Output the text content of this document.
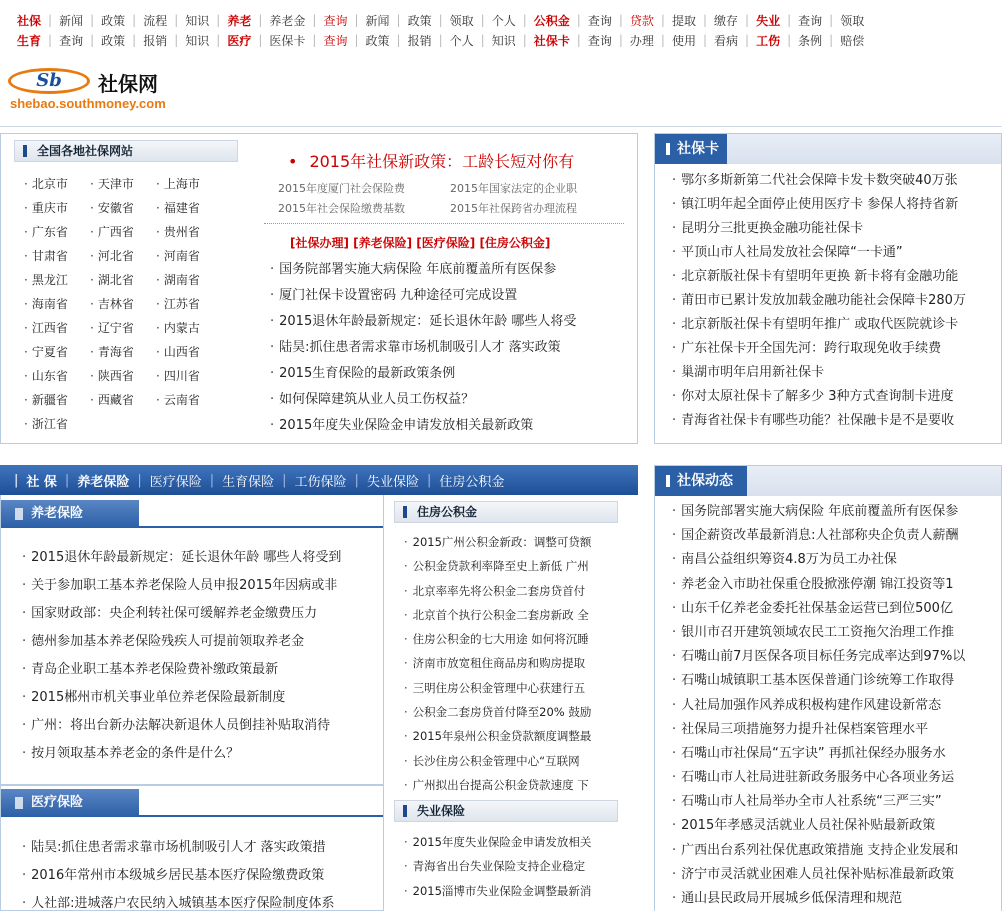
社保 | 新闻 | 政策 | 流程 | 知识 | 养老 | 养老金 | 查询 | 新闻 | 政策 | 领取 | 个人 | 公积金 | 查询 | 贷款 | 提取 | 缴存 | 失业 | 查询 | 领取
生育 | 查询 | 政策 | 报销 | 知识 | 医疗 | 医保卡 | 查询 | 政策 | 报销 | 个人 | 知识 | 社保卡 | 查询 | 办理 | 使用 | 看病 | 工伤 | 条例 | 赔偿
Sb	社保网
shebao.southmoney.com
全国各地社保网站
· 北京市	· 天津市	· 上海市
· 重庆市	· 安徽省	· 福建省
· 广东省	· 广西省	· 贵州省
· 甘肃省	· 河北省	· 河南省
· 黑龙江	· 湖北省	· 湖南省
· 海南省	· 吉林省	· 江苏省
· 江西省	· 辽宁省	· 内蒙古
· 宁夏省	· 青海省	· 山西省
· 山东省	· 陕西省	· 四川省
· 新疆省	· 西藏省	· 云南省
· 浙江省
• 2015年社保新政策：工龄长短对你有
2015年度厦门社会保险费	2015年国家法定的企业职
2015年社会保险缴费基数	2015年社保跨省办理流程
[社保办理] [养老保险] [医疗保险] [住房公积金]
· 国务院部署实施大病保险 年底前覆盖所有医保参
· 厦门社保卡设置密码 九种途径可完成设置
· 2015退休年龄最新规定：延长退休年龄 哪些人将受
· 陆昊:抓住患者需求靠市场机制吸引人才 落实政策
· 2015生育保险的最新政策条例
· 如何保障建筑从业人员工伤权益？
· 2015年度失业保险金申请发放相关最新政策
社保卡
· 鄂尔多斯新第二代社会保障卡发卡数突破40万张
· 镇江明年起全面停止使用医疗卡 参保人将持省新
· 昆明分三批更换金融功能社保卡
· 平顶山市人社局发放社会保障“一卡通”
· 北京新版社保卡有望明年更换 新卡将有金融功能
· 莆田市已累计发放加载金融功能社会保障卡280万
· 北京新版社保卡有望明年推广 或取代医院就诊卡
· 广东社保卡开全国先河：跨行取现免收手续费
· 巢湖市明年启用新社保卡
· 你对太原社保卡了解多少 3种方式查询制卡进度
· 青海省社保卡有哪些功能？社保融卡是不是要收
| 社 保 | 养老保险 | 医疗保险 | 生育保险 | 工伤保险 | 失业保险 | 住房公积金
养老保险
· 2015退休年龄最新规定：延长退休年龄 哪些人将受到
· 关于参加职工基本养老保险人员申报2015年因病或非
· 国家财政部：央企利转社保可缓解养老金缴费压力
· 德州参加基本养老保险残疾人可提前领取养老金
· 青岛企业职工基本养老保险费补缴政策最新
· 2015郴州市机关事业单位养老保险最新制度
· 广州：将出台新办法解决新退休人员倒挂补贴取消待
· 按月领取基本养老金的条件是什么？
医疗保险
· 陆昊:抓住患者需求靠市场机制吸引人才 落实政策措
· 2016年常州市本级城乡居民基本医疗保险缴费政策
· 人社部:进城落户农民纳入城镇基本医疗保险制度体系
住房公积金
· 2015广州公积金新政：调整可贷额
· 公积金贷款利率降至史上新低 广州
· 北京率率先将公积金二套房贷首付
· 北京首个执行公积金二套房新政 全
· 住房公积金的七大用途 如何将沉睡
· 济南市放宽租住商品房和购房提取
· 三明住房公积金管理中心获建行五
· 公积金二套房贷首付降至20% 鼓励
· 2015年泉州公积金贷款额度调整最
· 长沙住房公积金管理中心“互联网
· 广州拟出台提高公积金贷款速度 下
失业保险
· 2015年度失业保险金申请发放相关
· 青海省出台失业保险支持企业稳定
· 2015淄博市失业保险金调整最新消
社保动态
· 国务院部署实施大病保险 年底前覆盖所有医保参
· 国企薪资改革最新消息:人社部称央企负责人薪酬
· 南昌公益组织筹资4.8万为员工办社保
· 养老金入市助社保重仓股掀涨停潮 锦江投资等1
· 山东千亿养老金委托社保基金运营已到位500亿
· 银川市召开建筑领域农民工工资拖欠治理工作推
· 石嘴山前7月医保各项目标任务完成率达到97%以
· 石嘴山城镇职工基本医保普通门诊统筹工作取得
· 人社局加强作风养成积极构建作风建设新常态
· 社保局三项措施努力提升社保档案管理水平
· 石嘴山市社保局“五字诀” 再抓社保经办服务水
· 石嘴山市人社局进驻新政务服务中心各项业务运
· 石嘴山市人社局举办全市人社系统“三严三实”
· 2015年孝感灵活就业人员社保补贴最新政策
· 广西出台系列社保优惠政策措施 支持企业发展和
· 济宁市灵活就业困难人员社保补贴标准最新政策
· 通山县民政局开展城乡低保清理和规范
